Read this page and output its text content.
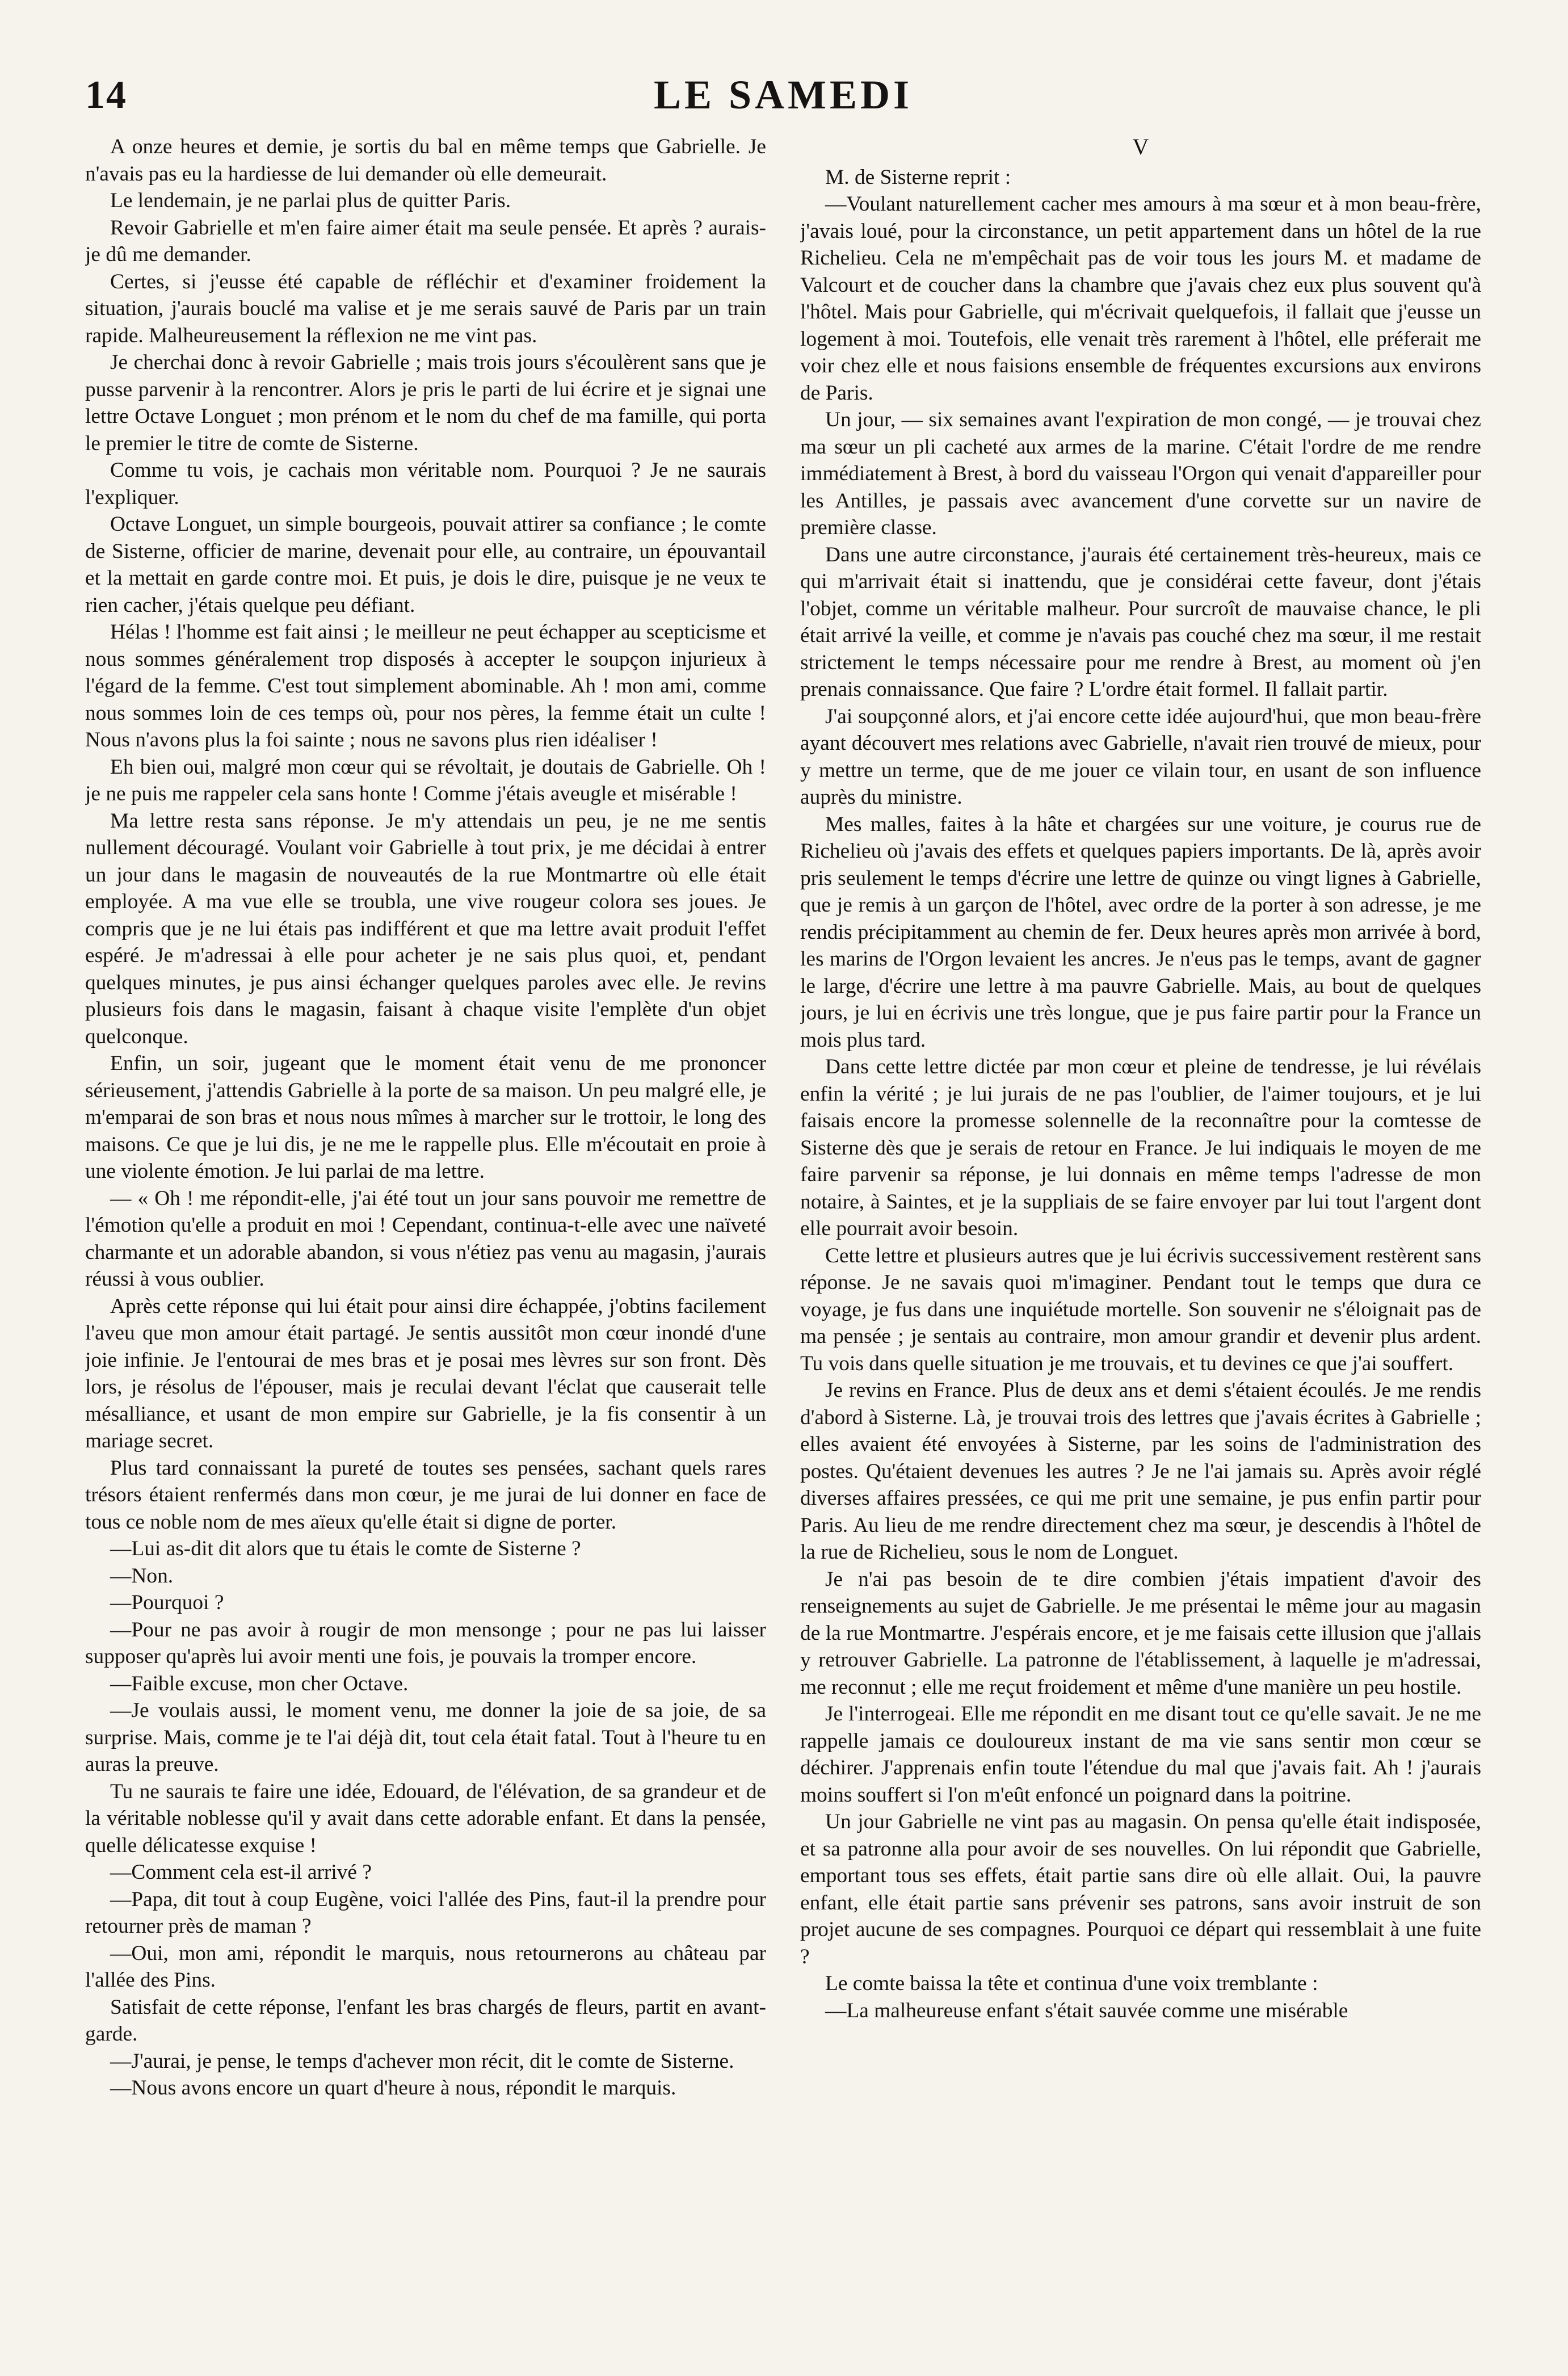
14	LE SAMEDI

A onze heures et demie, je sortis du bal en même temps que Gabrielle. Je n'avais pas eu la hardiesse de lui demander où elle demeurait.

Le lendemain, je ne parlai plus de quitter Paris.

Revoir Gabrielle et m'en faire aimer était ma seule pensée. Et après ? aurais-je dû me demander.

Certes, si j'eusse été capable de réfléchir et d'examiner froidement la situation, j'aurais bouclé ma valise et je me serais sauvé de Paris par un train rapide. Malheureusement la réflexion ne me vint pas.

Je cherchai donc à revoir Gabrielle ; mais trois jours s'écoulèrent sans que je pusse parvenir à la rencontrer. Alors je pris le parti de lui écrire et je signai une lettre Octave Longuet ; mon prénom et le nom du chef de ma famille, qui porta le premier le titre de comte de Sisterne.

Comme tu vois, je cachais mon véritable nom. Pourquoi ? Je ne saurais l'expliquer.

Octave Longuet, un simple bourgeois, pouvait attirer sa confiance ; le comte de Sisterne, officier de marine, devenait pour elle, au contraire, un épouvantail et la mettait en garde contre moi. Et puis, je dois le dire, puisque je ne veux te rien cacher, j'étais quelque peu défiant.

Hélas ! l'homme est fait ainsi ; le meilleur ne peut échapper au scepticisme et nous sommes généralement trop disposés à accepter le soupçon injurieux à l'égard de la femme. C'est tout simplement abominable. Ah ! mon ami, comme nous sommes loin de ces temps où, pour nos pères, la femme était un culte ! Nous n'avons plus la foi sainte ; nous ne savons plus rien idéaliser !

Eh bien oui, malgré mon cœur qui se révoltait, je doutais de Gabrielle. Oh ! je ne puis me rappeler cela sans honte ! Comme j'étais aveugle et misérable !

Ma lettre resta sans réponse. Je m'y attendais un peu, je ne me sentis nullement découragé. Voulant voir Gabrielle à tout prix, je me décidai à entrer un jour dans le magasin de nouveautés de la rue Montmartre où elle était employée. A ma vue elle se troubla, une vive rougeur colora ses joues. Je compris que je ne lui étais pas indifférent et que ma lettre avait produit l'effet espéré. Je m'adressai à elle pour acheter je ne sais plus quoi, et, pendant quelques minutes, je pus ainsi échanger quelques paroles avec elle. Je revins plusieurs fois dans le magasin, faisant à chaque visite l'emplète d'un objet quelconque.

Enfin, un soir, jugeant que le moment était venu de me prononcer sérieusement, j'attendis Gabrielle à la porte de sa maison. Un peu malgré elle, je m'emparai de son bras et nous nous mîmes à marcher sur le trottoir, le long des maisons. Ce que je lui dis, je ne me le rappelle plus. Elle m'écoutait en proie à une violente émotion. Je lui parlai de ma lettre.

— « Oh ! me répondit-elle, j'ai été tout un jour sans pouvoir me remettre de l'émotion qu'elle a produit en moi ! Cependant, continua-t-elle avec une naïveté charmante et un adorable abandon, si vous n'étiez pas venu au magasin, j'aurais réussi à vous oublier.

Après cette réponse qui lui était pour ainsi dire échappée, j'obtins facilement l'aveu que mon amour était partagé. Je sentis aussitôt mon cœur inondé d'une joie infinie. Je l'entourai de mes bras et je posai mes lèvres sur son front. Dès lors, je résolus de l'épouser, mais je reculai devant l'éclat que causerait telle mésalliance, et usant de mon empire sur Gabrielle, je la fis consentir à un mariage secret.

Plus tard connaissant la pureté de toutes ses pensées, sachant quels rares trésors étaient renfermés dans mon cœur, je me jurai de lui donner en face de tous ce noble nom de mes aïeux qu'elle était si digne de porter.

—Lui as-dit dit alors que tu étais le comte de Sisterne ?

—Non.

—Pourquoi ?

—Pour ne pas avoir à rougir de mon mensonge ; pour ne pas lui laisser supposer qu'après lui avoir menti une fois, je pouvais la tromper encore.

—Faible excuse, mon cher Octave.

—Je voulais aussi, le moment venu, me donner la joie de sa joie, de sa surprise. Mais, comme je te l'ai déjà dit, tout cela était fatal. Tout à l'heure tu en auras la preuve.

Tu ne saurais te faire une idée, Edouard, de l'élévation, de sa grandeur et de la véritable noblesse qu'il y avait dans cette adorable enfant. Et dans la pensée, quelle délicatesse exquise !

—Comment cela est-il arrivé ?

—Papa, dit tout à coup Eugène, voici l'allée des Pins, faut-il la prendre pour retourner près de maman ?

—Oui, mon ami, répondit le marquis, nous retournerons au château par l'allée des Pins.

Satisfait de cette réponse, l'enfant les bras chargés de fleurs, partit en avant-garde.

—J'aurai, je pense, le temps d'achever mon récit, dit le comte de Sisterne.

—Nous avons encore un quart d'heure à nous, répondit le marquis.

V

M. de Sisterne reprit :

—Voulant naturellement cacher mes amours à ma sœur et à mon beau-frère, j'avais loué, pour la circonstance, un petit appartement dans un hôtel de la rue Richelieu. Cela ne m'empêchait pas de voir tous les jours M. et madame de Valcourt et de coucher dans la chambre que j'avais chez eux plus souvent qu'à l'hôtel. Mais pour Gabrielle, qui m'écrivait quelquefois, il fallait que j'eusse un logement à moi. Toutefois, elle venait très rarement à l'hôtel, elle préferait me voir chez elle et nous faisions ensemble de fréquentes excursions aux environs de Paris.

Un jour, — six semaines avant l'expiration de mon congé, — je trouvai chez ma sœur un pli cacheté aux armes de la marine. C'était l'ordre de me rendre immédiatement à Brest, à bord du vaisseau l'Orgon qui venait d'appareiller pour les Antilles, je passais avec avancement d'une corvette sur un navire de première classe.

Dans une autre circonstance, j'aurais été certainement très-heureux, mais ce qui m'arrivait était si inattendu, que je considérai cette faveur, dont j'étais l'objet, comme un véritable malheur. Pour surcroît de mauvaise chance, le pli était arrivé la veille, et comme je n'avais pas couché chez ma sœur, il me restait strictement le temps nécessaire pour me rendre à Brest, au moment où j'en prenais connaissance. Que faire ? L'ordre était formel. Il fallait partir.

J'ai soupçonné alors, et j'ai encore cette idée aujourd'hui, que mon beau-frère ayant découvert mes relations avec Gabrielle, n'avait rien trouvé de mieux, pour y mettre un terme, que de me jouer ce vilain tour, en usant de son influence auprès du ministre.

Mes malles, faites à la hâte et chargées sur une voiture, je courus rue de Richelieu où j'avais des effets et quelques papiers importants. De là, après avoir pris seulement le temps d'écrire une lettre de quinze ou vingt lignes à Gabrielle, que je remis à un garçon de l'hôtel, avec ordre de la porter à son adresse, je me rendis précipitamment au chemin de fer. Deux heures après mon arrivée à bord, les marins de l'Orgon levaient les ancres. Je n'eus pas le temps, avant de gagner le large, d'écrire une lettre à ma pauvre Gabrielle. Mais, au bout de quelques jours, je lui en écrivis une très longue, que je pus faire partir pour la France un mois plus tard.

Dans cette lettre dictée par mon cœur et pleine de tendresse, je lui révélais enfin la vérité ; je lui jurais de ne pas l'oublier, de l'aimer toujours, et je lui faisais encore la promesse solennelle de la reconnaître pour la comtesse de Sisterne dès que je serais de retour en France. Je lui indiquais le moyen de me faire parvenir sa réponse, je lui donnais en même temps l'adresse de mon notaire, à Saintes, et je la suppliais de se faire envoyer par lui tout l'argent dont elle pourrait avoir besoin.

Cette lettre et plusieurs autres que je lui écrivis successivement restèrent sans réponse. Je ne savais quoi m'imaginer. Pendant tout le temps que dura ce voyage, je fus dans une inquiétude mortelle. Son souvenir ne s'éloignait pas de ma pensée ; je sentais au contraire, mon amour grandir et devenir plus ardent. Tu vois dans quelle situation je me trouvais, et tu devines ce que j'ai souffert.

Je revins en France. Plus de deux ans et demi s'étaient écoulés. Je me rendis d'abord à Sisterne. Là, je trouvai trois des lettres que j'avais écrites à Gabrielle ; elles avaient été envoyées à Sisterne, par les soins de l'administration des postes. Qu'étaient devenues les autres ? Je ne l'ai jamais su. Après avoir réglé diverses affaires pressées, ce qui me prit une semaine, je pus enfin partir pour Paris. Au lieu de me rendre directement chez ma sœur, je descendis à l'hôtel de la rue de Richelieu, sous le nom de Longuet.

Je n'ai pas besoin de te dire combien j'étais impatient d'avoir des renseignements au sujet de Gabrielle. Je me présentai le même jour au magasin de la rue Montmartre. J'espérais encore, et je me faisais cette illusion que j'allais y retrouver Gabrielle. La patronne de l'établissement, à laquelle je m'adressai, me reconnut ; elle me reçut froidement et même d'une manière un peu hostile.

Je l'interrogeai. Elle me répondit en me disant tout ce qu'elle savait. Je ne me rappelle jamais ce douloureux instant de ma vie sans sentir mon cœur se déchirer. J'apprenais enfin toute l'étendue du mal que j'avais fait. Ah ! j'aurais moins souffert si l'on m'eût enfoncé un poignard dans la poitrine.

Un jour Gabrielle ne vint pas au magasin. On pensa qu'elle était indisposée, et sa patronne alla pour avoir de ses nouvelles. On lui répondit que Gabrielle, emportant tous ses effets, était partie sans dire où elle allait. Oui, la pauvre enfant, elle était partie sans prévenir ses patrons, sans avoir instruit de son projet aucune de ses compagnes. Pourquoi ce départ qui ressemblait à une fuite ?

Le comte baissa la tête et continua d'une voix tremblante :

—La malheureuse enfant s'était sauvée comme une misérable
